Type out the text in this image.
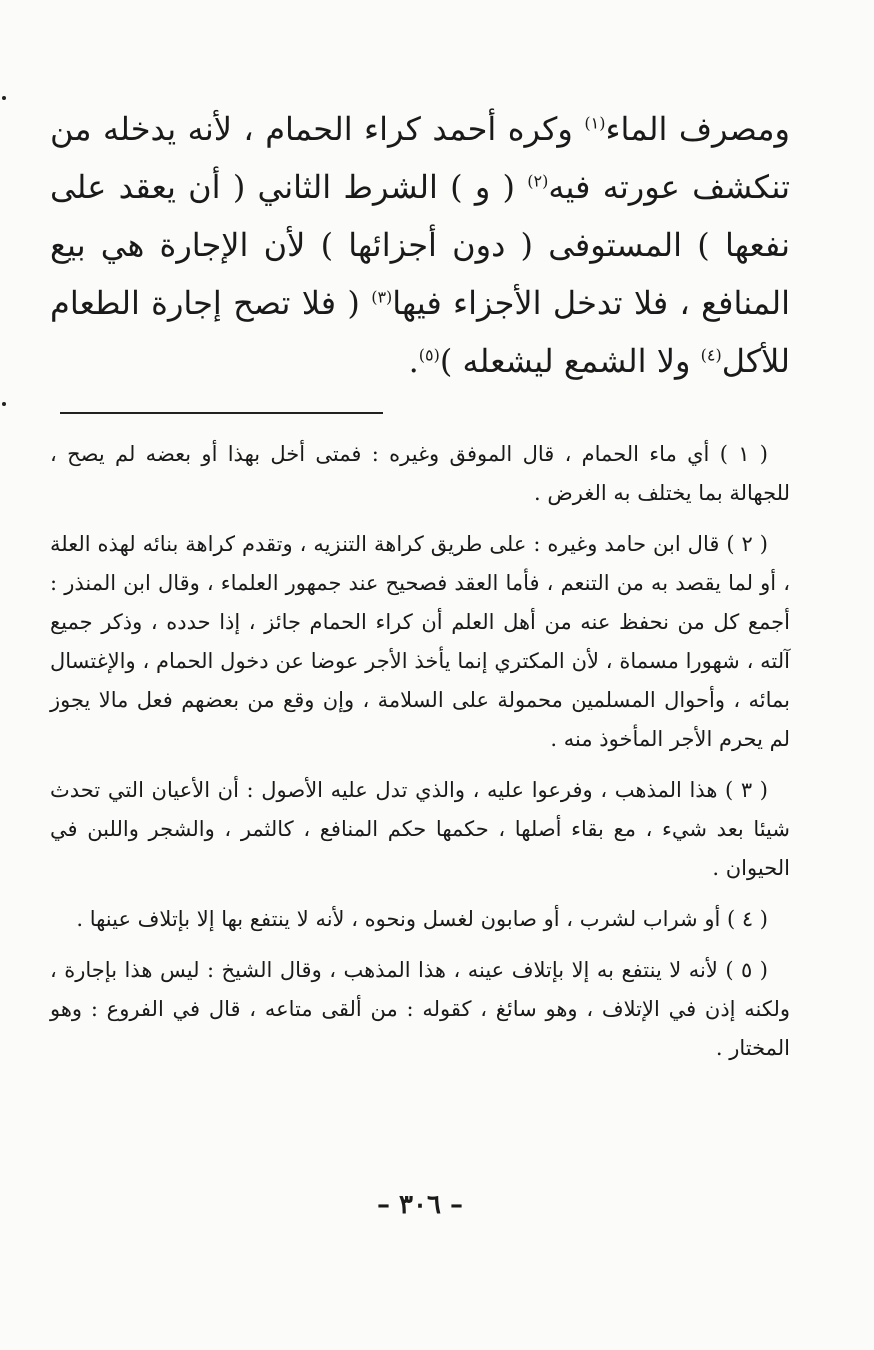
ومصرف الماء$^{(١)}$ وكره أحمد كراء الحمام ، لأنه يدخله من تنكشف عورته فيه$^{(٢)}$ ( و ) الشرط الثاني ( أن يعقد على نفعها ) المستوفى ( دون أجزائها ) لأن الإجارة هي بيع المنافع ، فلا تدخل الأجزاء فيها$^{(٣)}$ ( فلا تصح إجارة الطعام للأكل$^{(٤)}$ ولا الشمع ليشعله )$^{(٥)}$.

( ١ ) أي ماء الحمام ، قال الموفق وغيره : فمتى أخل بهذا أو بعضه لم يصح ، للجهالة بما يختلف به الغرض .

( ٢ ) قال ابن حامد وغيره : على طريق كراهة التنزيه ، وتقدم كراهة بنائه لهذه العلة ، أو لما يقصد به من التنعم ، فأما العقد فصحيح عند جمهور العلماء ، وقال ابن المنذر : أجمع كل من نحفظ عنه من أهل العلم أن كراء الحمام جائز ، إذا حدده ، وذكر جميع آلته ، شهورا مسماة ، لأن المكتري إنما يأخذ الأجر عوضا عن دخول الحمام ، والإغتسال بمائه ، وأحوال المسلمين محمولة على السلامة ، وإن وقع من بعضهم فعل مالا يجوز لم يحرم الأجر المأخوذ منه .

( ٣ ) هذا المذهب ، وفرعوا عليه ، والذي تدل عليه الأصول : أن الأعيان التي تحدث شيئا بعد شيء ، مع بقاء أصلها ، حكمها حكم المنافع ، كالثمر ، والشجر واللبن في الحيوان .

( ٤ ) أو شراب لشرب ، أو صابون لغسل ونحوه ، لأنه لا ينتفع بها إلا بإتلاف عينها .

( ٥ ) لأنه لا ينتفع به إلا بإتلاف عينه ، هذا المذهب ، وقال الشيخ : ليس هذا بإجارة ، ولكنه إذن في الإتلاف ، وهو سائغ ، كقوله : من ألقى متاعه ، قال في الفروع : وهو المختار .

– ٣٠٦ –
